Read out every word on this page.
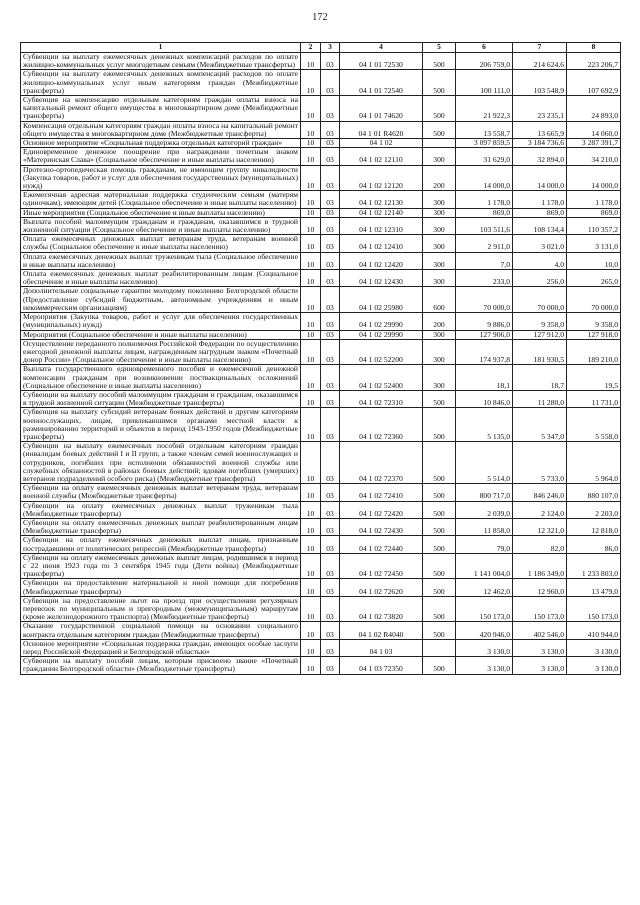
172
1	2	3	4	5	6	7	8
Субвенции на выплату ежемесячных денежных компенсаций расходов по оплате жилищно-коммунальных услуг многодетным семьям (Межбюджетные трансферты)	10	03	04 1 01 72530	500	206 759,0	214 624,6	223 206,7
Субвенции на выплату ежемесячных денежных компенсаций расходов по оплате жилищно-коммунальных услуг иным категориям граждан (Межбюджетные трансферты)	10	03	04 1 01 72540	500	100 111,0	103 548,9	107 692,9
Субвенция на компенсацию отдельным категориям граждан оплаты взноса на капитальный ремонт общего имущества в многоквартирном доме (Межбюджетные трансферты)	10	03	04 1 01 74620	500	21 922,3	23 235,1	24 893,0
Компенсация отдельным категориям граждан оплаты взноса на капитальный ремонт общего имущества в многоквартирном доме (Межбюджетные трансферты)	10	03	04 1 01 R4620	500	13 558,7	13 665,9	14 060,0
Основное мероприятие «Социальная поддержка отдельных категорий граждан»	10	03	04 1 02		3 097 859,5	3 184 736,6	3 287 391,7
Единовременное денежное поощрение при награждении почетным знаком «Материнская Слава» (Социальное обеспечение и иные выплаты населению)	10	03	04 1 02 12110	300	31 629,0	32 894,0	34 210,0
Протезно-ортопедическая помощь гражданам, не имеющим группу инвалидности (Закупка товаров, работ и услуг для обеспечения государственных (муниципальных) нужд)	10	03	04 1 02 12120	200	14 000,0	14 000,0	14 000,0
Ежемесячная адресная материальная поддержка студенческим семьям (матерям одиночкам), имеющим детей (Социальное обеспечение и иные выплаты населению)	10	03	04 1 02 12130	300	1 178,0	1 178,0	1 178,0
Иные мероприятия (Социальное обеспечение и иные выплаты населению)	10	03	04 1 02 12140	300	869,0	869,0	869,0
Выплата пособий малоимущим гражданам и гражданам, оказавшимся в трудной жизненной ситуации (Социальное обеспечение и иные выплаты населению)	10	03	04 1 02 12310	300	103 511,6	108 134,4	110 357,2
Оплата ежемесячных денежных выплат ветеранам труда, ветеранам военной службы (Социальное обеспечение и иные выплаты населению)	10	03	04 1 02 12410	300	2 911,0	3 021,0	3 131,0
Оплата ежемесячных денежных выплат труженикам тыла (Социальное обеспечение и иные выплаты населению)	10	03	04 1 02 12420	300	7,0	4,0	10,0
Оплата ежемесячных денежных выплат реабилитированным лицам (Социальное обеспечение и иные выплаты населению)	10	03	04 1 02 12430	300	233,0	256,0	265,0
Дополнительные социальные гарантии молодому поколению Белгородской области (Предоставление субсидий бюджетным, автономным учреждениям и иным некоммерческим организациям)	10	03	04 1 02 25980	600	70 000,0	70 000,0	70 000,0
Мероприятия (Закупка товаров, работ и услуг для обеспечения государственных (муниципальных) нужд)	10	03	04 1 02 29990	200	9 886,0	9 358,0	9 358,0
Мероприятия (Социальное обеспечение и иные выплаты населению)	10	03	04 1 02 29990	300	127 906,0	127 912,0	127 918,0
Осуществление переданного полномочия Российской Федерации по осуществлению ежегодной денежной выплаты лицам, награжденным нагрудным знаком «Почетный донор России» (Социальное обеспечение и иные выплаты населению)	10	03	04 1 02 52200	300	174 937,8	181 930,5	189 210,0
Выплата государственного единовременного пособия и ежемесячной денежной компенсации гражданам при возникновении поствакцинальных осложнений (Социальное обеспечение и иные выплаты населению)	10	03	04 1 02 52400	300	18,1	18,7	19,5
Субвенции на выплату пособий малоимущим гражданам и гражданам, оказавшимся в трудной жизненной ситуации (Межбюджетные трансферты)	10	03	04 1 02 72310	500	10 846,0	11 280,0	11 731,0
Субвенция на выплату субсидий ветеранам боевых действий и другим категориям военнослужащих, лицам, привлекавшимся органами местной власти к разминированию территорий и объектов в период 1943-1950 годов (Межбюджетные трансферты)	10	03	04 1 02 72360	500	5 135,0	5 347,0	5 558,0
Субвенции на выплату ежемесячных пособий отдельным категориям граждан (инвалидам боевых действий I и II групп, а также членам семей военнослужащих и сотрудников, погибших при исполнении обязанностей военной службы или служебных обязанностей в районах боевых действий; вдовам погибших (умерших) ветеранов подразделений особого риска) (Межбюджетные трансферты)	10	03	04 1 02 72370	500	5 514,0	5 733,0	5 964,0
Субвенции на оплату ежемесячных денежных выплат ветеранам труда, ветеранам военной службы (Межбюджетные трансферты)	10	03	04 1 02 72410	500	800 717,0	846 246,0	880 107,0
Субвенции на оплату ежемесячных денежных выплат труженикам тыла (Межбюджетные трансферты)	10	03	04 1 02 72420	500	2 039,0	2 124,0	2 203,0
Субвенции на оплату ежемесячных денежных выплат реабилитированным лицам (Межбюджетные трансферты)	10	03	04 1 02 72430	500	11 858,0	12 321,0	12 818,0
Субвенции на оплату ежемесячных денежных выплат лицам, признанным пострадавшими от политических репрессий (Межбюджетные трансферты)	10	03	04 1 02 72440	500	79,0	82,0	86,0
Субвенции на оплату ежемесячных денежных выплат лицам, родившимся в период с 22 июня 1923 года по 3 сентября 1945 года (Дети войны) (Межбюджетные трансферты)	10	03	04 1 02 72450	500	1 141 004,0	1 186 349,0	1 233 803,0
Субвенции на предоставление материальной и иной помощи для погребения (Межбюджетные трансферты)	10	03	04 1 02 72620	500	12 462,0	12 960,0	13 479,0
Субвенции на предоставление льгот на проезд при осуществлении регулярных перевозок по муниципальным и пригородным (межмуниципальным) маршрутам (кроме железнодорожного транспорта) (Межбюджетные трансферты)	10	03	04 1 02 73820	500	150 173,0	150 173,0	150 173,0
Оказание государственной социальной помощи на основании социального контракта отдельным категориям граждан (Межбюджетные трансферты)	10	03	04 1 02 R4040	500	420 946,0	402 546,0	410 944,0
Основное мероприятие «Социальная поддержка граждан, имеющих особые заслуги перед Российской Федерацией и Белгородской областью»	10	03	04 1 03		3 130,0	3 130,0	3 130,0
Субвенции на выплату пособий лицам, которым присвоено звание «Почетный гражданин Белгородской области» (Межбюджетные трансферты)	10	03	04 1 03 72350	500	3 130,0	3 130,0	3 130,0
